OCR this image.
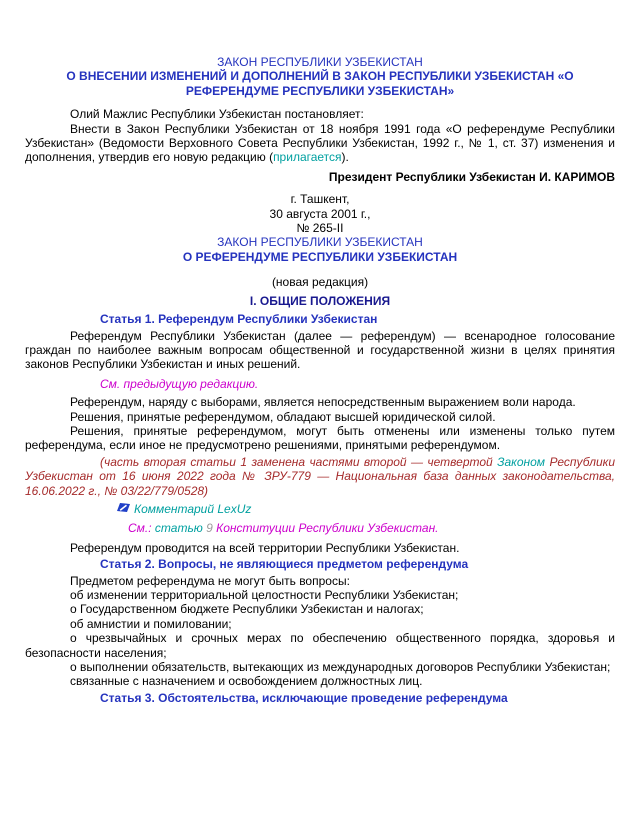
ЗАКОН РЕСПУБЛИКИ УЗБЕКИСТАН

О ВНЕСЕНИИ ИЗМЕНЕНИЙ И ДОПОЛНЕНИЙ В ЗАКОН РЕСПУБЛИКИ УЗБЕКИСТАН «О РЕФЕРЕНДУМЕ РЕСПУБЛИКИ УЗБЕКИСТАН»

Олий Мажлис Республики Узбекистан постановляет:

Внести в Закон Республики Узбекистан от 18 ноября 1991 года «О референдуме Республики Узбекистан» (Ведомости Верховного Совета Республики Узбекистан, 1992 г., № 1, ст. 37) изменения и дополнения, утвердив его новую редакцию (прилагается).

Президент Республики Узбекистан И. КАРИМОВ

г. Ташкент,

30 августа 2001 г.,

№ 265-II

ЗАКОН РЕСПУБЛИКИ УЗБЕКИСТАН

О РЕФЕРЕНДУМЕ РЕСПУБЛИКИ УЗБЕКИСТАН

(новая редакция)

I. ОБЩИЕ ПОЛОЖЕНИЯ

Статья 1. Референдум Республики Узбекистан

Референдум Республики Узбекистан (далее — референдум) — всенародное голосование граждан по наиболее важным вопросам общественной и государственной жизни в целях принятия законов Республики Узбекистан и иных решений.

См. предыдущую редакцию.

Референдум, наряду с выборами, является непосредственным выражением воли народа.

Решения, принятые референдумом, обладают высшей юридической силой.

Решения, принятые референдумом, могут быть отменены или изменены только путем референдума, если иное не предусмотрено решениями, принятыми референдумом.

(часть вторая статьи 1 заменена частями второй — четвертой Законом Республики Узбекистан от 16 июня 2022 года № ЗРУ-779 — Национальная база данных законодательства, 16.06.2022 г., № 03/22/779/0528)

Комментарий LexUz

См.: статью 9 Конституции Республики Узбекистан.

Референдум проводится на всей территории Республики Узбекистан.

Статья 2. Вопросы, не являющиеся предметом референдума

Предметом референдума не могут быть вопросы:

об изменении территориальной целостности Республики Узбекистан;

о Государственном бюджете Республики Узбекистан и налогах;

об амнистии и помиловании;

о чрезвычайных и срочных мерах по обеспечению общественного порядка, здоровья и безопасности населения;

о выполнении обязательств, вытекающих из международных договоров Республики Узбекистан;

связанные с назначением и освобождением должностных лиц.

Статья 3. Обстоятельства, исключающие проведение референдума
